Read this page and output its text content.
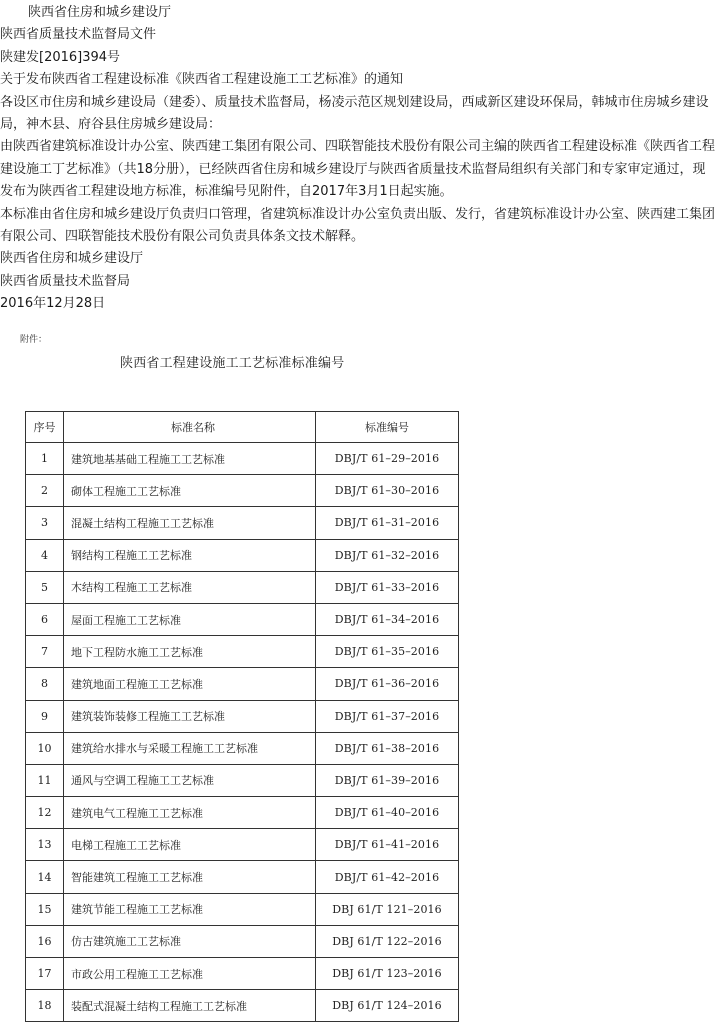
陕西省住房和城乡建设厅

陕西省质量技术监督局文件

陕建发[2016]394号

关于发布陕西省工程建设标准《陕西省工程建设施工工艺标准》的通知

各设区市住房和城乡建设局（建委）、质量技术监督局，杨凌示范区规划建设局，西咸新区建设环保局，韩城市住房城乡建设局，神木县、府谷县住房城乡建设局：

由陕西省建筑标准设计办公室、陕西建工集团有限公司、四联智能技术股份有限公司主编的陕西省工程建设标准《陕西省工程建设施工丁艺标准》（共18分册），已经陕西省住房和城乡建设厅与陕西省质量技术监督局组织有关部门和专家审定通过，现发布为陕西省工程建设地方标准，标准编号见附件，自2017年3月1日起实施。

本标准由省住房和城乡建设厅负责归口管理，省建筑标准设计办公室负责出版、发行，省建筑标准设计办公室、陕西建工集团有限公司、四联智能技术股份有限公司负责具体条文技术解释。

陕西省住房和城乡建设厅

陕西省质量技术监督局

2016年12月28日

附件：
陕西省工程建设施工工艺标准标准编号
序号	标准名称	标准编号
1	建筑地基基础工程施工工艺标准	DBJ/T 61–29–2016
2	砌体工程施工工艺标准	DBJ/T 61–30–2016
3	混凝土结构工程施工工艺标准	DBJ/T 61–31–2016
4	钢结构工程施工工艺标准	DBJ/T 61–32–2016
5	木结构工程施工工艺标准	DBJ/T 61–33–2016
6	屋面工程施工工艺标准	DBJ/T 61–34–2016
7	地下工程防水施工工艺标准	DBJ/T 61–35–2016
8	建筑地面工程施工工艺标准	DBJ/T 61–36–2016
9	建筑装饰装修工程施工工艺标准	DBJ/T 61–37–2016
10	建筑给水排水与采暖工程施工工艺标准	DBJ/T 61–38–2016
11	通风与空调工程施工工艺标准	DBJ/T 61–39–2016
12	建筑电气工程施工工艺标准	DBJ/T 61–40–2016
13	电梯工程施工工艺标准	DBJ/T 61–41–2016
14	智能建筑工程施工工艺标准	DBJ/T 61–42–2016
15	建筑节能工程施工工艺标准	DBJ 61/T 121–2016
16	仿古建筑施工工艺标准	DBJ 61/T 122–2016
17	市政公用工程施工工艺标准	DBJ 61/T 123–2016
18	装配式混凝土结构工程施工工艺标准	DBJ 61/T 124–2016
